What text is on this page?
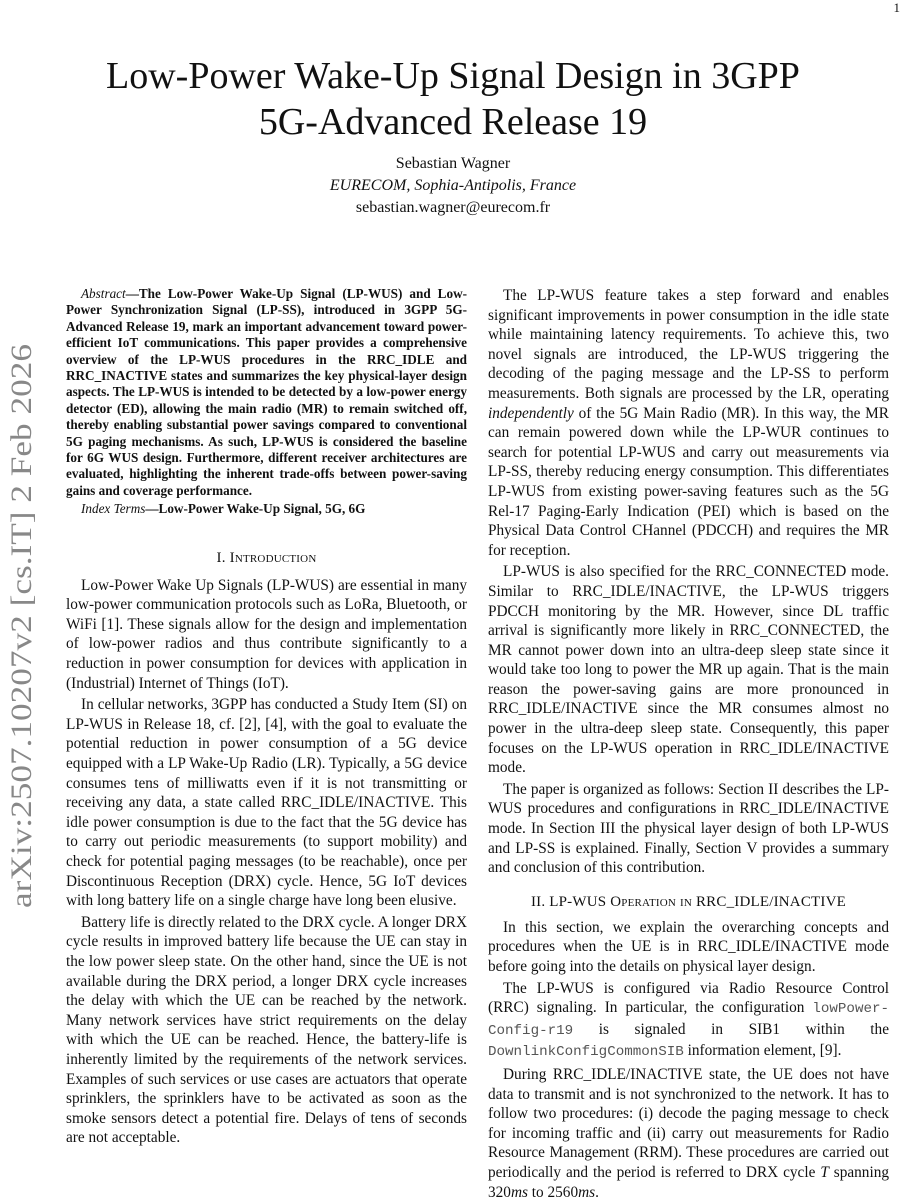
1
arXiv:2507.10207v2 [cs.IT] 2 Feb 2026
Low-Power Wake-Up Signal Design in 3GPP
5G-Advanced Release 19
Sebastian Wagner
EURECOM, Sophia-Antipolis, France
sebastian.wagner@eurecom.fr

Abstract—The Low-Power Wake-Up Signal (LP-WUS) and Low-Power Synchronization Signal (LP-SS), introduced in 3GPP 5G-Advanced Release 19, mark an important advancement toward power-efficient IoT communications. This paper provides a comprehensive overview of the LP-WUS procedures in the RRC_IDLE and RRC_INACTIVE states and summarizes the key physical-layer design aspects. The LP-WUS is intended to be detected by a low-power energy detector (ED), allowing the main radio (MR) to remain switched off, thereby enabling substantial power savings compared to conventional 5G paging mechanisms. As such, LP-WUS is considered the baseline for 6G WUS design. Furthermore, different receiver architectures are evaluated, highlighting the inherent trade-offs between power-saving gains and coverage performance.

Index Terms—Low-Power Wake-Up Signal, 5G, 6G

I. Introduction

Low-Power Wake Up Signals (LP-WUS) are essential in many low-power communication protocols such as LoRa, Bluetooth, or WiFi [1]. These signals allow for the design and implementation of low-power radios and thus contribute significantly to a reduction in power consumption for devices with application in (Industrial) Internet of Things (IoT).

In cellular networks, 3GPP has conducted a Study Item (SI) on LP-WUS in Release 18, cf. [2], [4], with the goal to evaluate the potential reduction in power consumption of a 5G device equipped with a LP Wake-Up Radio (LR). Typically, a 5G device consumes tens of milliwatts even if it is not transmitting or receiving any data, a state called RRC_IDLE/INACTIVE. This idle power consumption is due to the fact that the 5G device has to carry out periodic measurements (to support mobility) and check for potential paging messages (to be reachable), once per Discontinuous Reception (DRX) cycle. Hence, 5G IoT devices with long battery life on a single charge have long been elusive.

Battery life is directly related to the DRX cycle. A longer DRX cycle results in improved battery life because the UE can stay in the low power sleep state. On the other hand, since the UE is not available during the DRX period, a longer DRX cycle increases the delay with which the UE can be reached by the network. Many network services have strict requirements on the delay with which the UE can be reached. Hence, the battery-life is inherently limited by the requirements of the network services. Examples of such services or use cases are actuators that operate sprinklers, the sprinklers have to be activated as soon as the smoke sensors detect a potential fire. Delays of tens of seconds are not acceptable.

The LP-WUS feature takes a step forward and enables significant improvements in power consumption in the idle state while maintaining latency requirements. To achieve this, two novel signals are introduced, the LP-WUS triggering the decoding of the paging message and the LP-SS to perform measurements. Both signals are processed by the LR, operating independently of the 5G Main Radio (MR). In this way, the MR can remain powered down while the LP-WUR continues to search for potential LP-WUS and carry out measurements via LP-SS, thereby reducing energy consumption. This differentiates LP-WUS from existing power-saving features such as the 5G Rel-17 Paging-Early Indication (PEI) which is based on the Physical Data Control CHannel (PDCCH) and requires the MR for reception.

LP-WUS is also specified for the RRC_CONNECTED mode. Similar to RRC_IDLE/INACTIVE, the LP-WUS triggers PDCCH monitoring by the MR. However, since DL traffic arrival is significantly more likely in RRC_CONNECTED, the MR cannot power down into an ultra-deep sleep state since it would take too long to power the MR up again. That is the main reason the power-saving gains are more pronounced in RRC_IDLE/INACTIVE since the MR consumes almost no power in the ultra-deep sleep state. Consequently, this paper focuses on the LP-WUS operation in RRC_IDLE/INACTIVE mode.

The paper is organized as follows: Section II describes the LP-WUS procedures and configurations in RRC_IDLE/INACTIVE mode. In Section III the physical layer design of both LP-WUS and LP-SS is explained. Finally, Section V provides a summary and conclusion of this contribution.

II. LP-WUS Operation in RRC_IDLE/INACTIVE

In this section, we explain the overarching concepts and procedures when the UE is in RRC_IDLE/INACTIVE mode before going into the details on physical layer design.

The LP-WUS is configured via Radio Resource Control (RRC) signaling. In particular, the configuration lowPower-Config-r19 is signaled in SIB1 within the DownlinkConfigCommonSIB information element, [9].

During RRC_IDLE/INACTIVE state, the UE does not have data to transmit and is not synchronized to the network. It has to follow two procedures: (i) decode the paging message to check for incoming traffic and (ii) carry out measurements for Radio Resource Management (RRM). These procedures are carried out periodically and the period is referred to DRX cycle T spanning 320ms to 2560ms.
